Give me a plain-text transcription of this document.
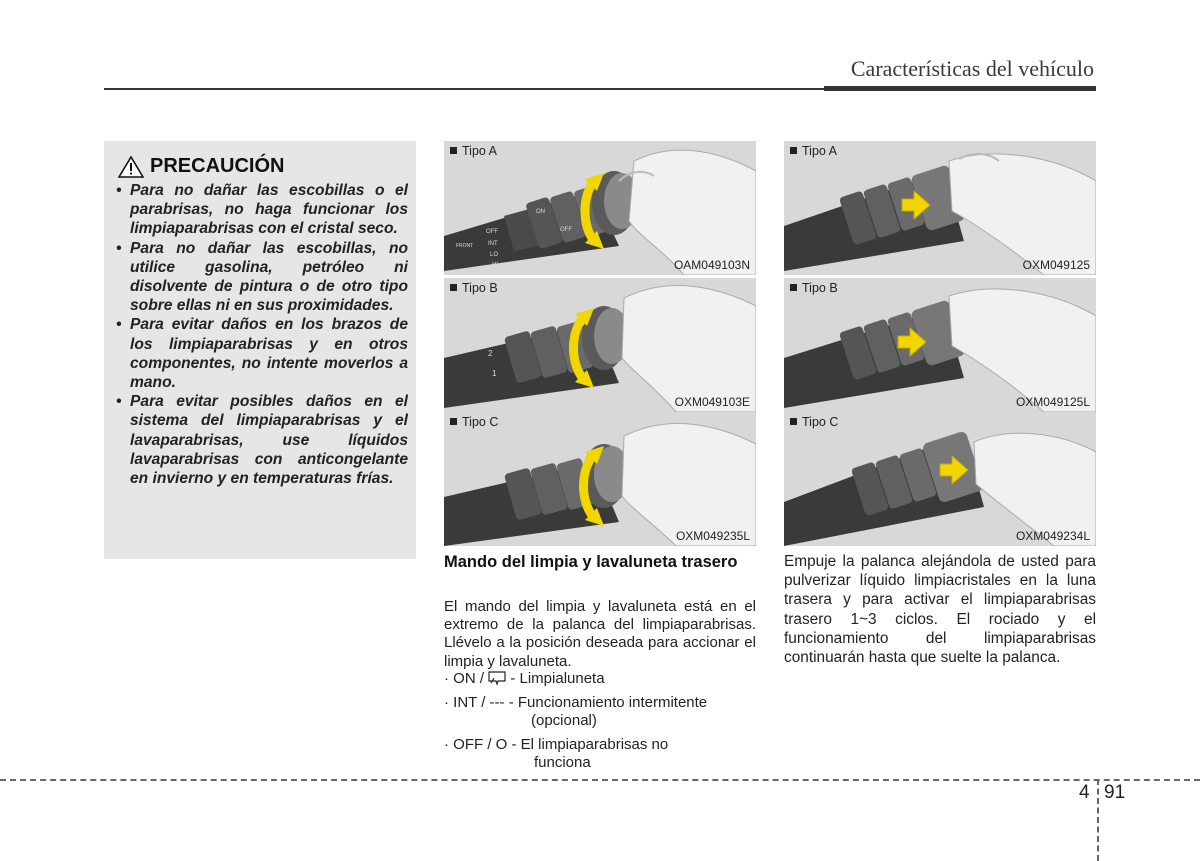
Características del vehículo
PRECAUCIÓN
• Para no dañar las escobillas o el parabrisas, no haga funcionar los limpiaparabrisas con el cristal seco.
• Para no dañar las escobillas, no utilice gasolina, petróleo ni disolvente de pintura o de otro tipo sobre ellas ni en sus proximidades.
• Para evitar daños en los brazos de los limpiaparabrisas y en otros componentes, no intente moverlos a mano.
• Para evitar posibles daños en el sistema del limpiaparabrisas y el lavaparabrisas, use líquidos lavaparabrisas con anticongelante en invierno y en temperaturas frías.
Tipo A
MIST
OFF
INT
LO
HI
FRONT
ON
OFF
OAM049103N
Tipo B
2
1
OXM049103E
Tipo C
OXM049235L
Tipo A
OXM049125
Tipo B
OXM049125L
Tipo C
OXM049234L
Mando del limpia y lavaluneta trasero
El mando del limpia y lavaluneta está en el extremo de la palanca del limpiaparabrisas. Llévelo a la posición deseada para accionar el limpia y lavaluneta.
· ON /  - Limpialuneta
· INT / --- - Funcionamiento intermitente
(opcional)
· OFF / O - El limpiaparabrisas no
funciona
Empuje la palanca alejándola de usted para pulverizar líquido limpiacristales en la luna trasera y para activar el limpiaparabrisas trasero 1~3 ciclos. El rociado y el funcionamiento del limpiaparabrisas continuarán hasta que suelte la palanca.
4 91
